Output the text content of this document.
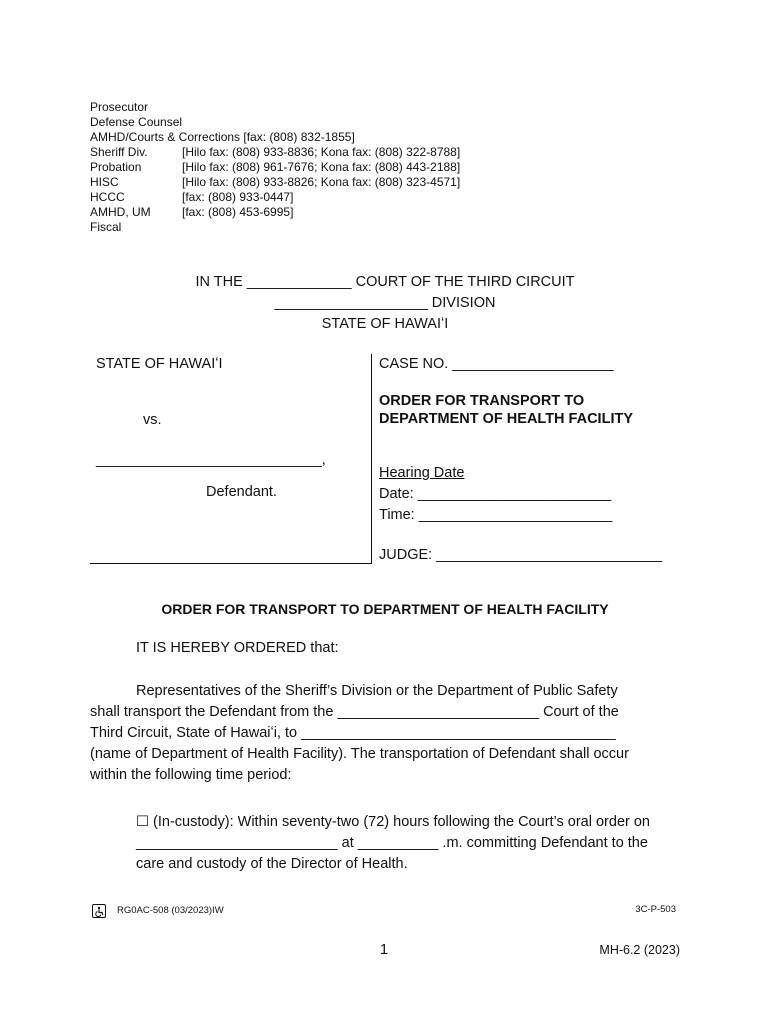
Prosecutor
Defense Counsel
AMHD/Courts & Corrections [fax: (808) 832-1855]
Sheriff Div.	[Hilo fax: (808) 933-8836; Kona fax: (808) 322-8788]
Probation	[Hilo fax: (808) 961-7676; Kona fax: (808) 443-2188]
HISC	[Hilo fax: (808) 933-8826; Kona fax: (808) 323-4571]
HCCC	[fax: (808) 933-0447]
AMHD, UM	[fax: (808) 453-6995]
Fiscal
IN THE _____________ COURT OF THE THIRD CIRCUIT
___________________ DIVISION
STATE OF HAWAIʻI
STATE OF HAWAIʻI
vs.
____________________________,
Defendant.
CASE NO. ____________________
ORDER FOR TRANSPORT TO
DEPARTMENT OF HEALTH FACILITY
Hearing Date
Date: ________________________
Time: ________________________
JUDGE: ____________________________
ORDER FOR TRANSPORT TO DEPARTMENT OF HEALTH FACILITY
IT IS HEREBY ORDERED that:
Representatives of the Sheriff’s Division or the Department of Public Safety
shall transport the Defendant from the _________________________ Court of the
Third Circuit, State of Hawaiʻi, to _______________________________________
(name of Department of Health Facility). The transportation of Defendant shall occur
within the following time period:
☐ (In-custody): Within seventy-two (72) hours following the Court’s oral order on
_________________________ at __________ .m. committing Defendant to the
care and custody of the Director of Health.
RG0AC-508 (03/2023)IW	3C-P-503
1	MH-6.2 (2023)
